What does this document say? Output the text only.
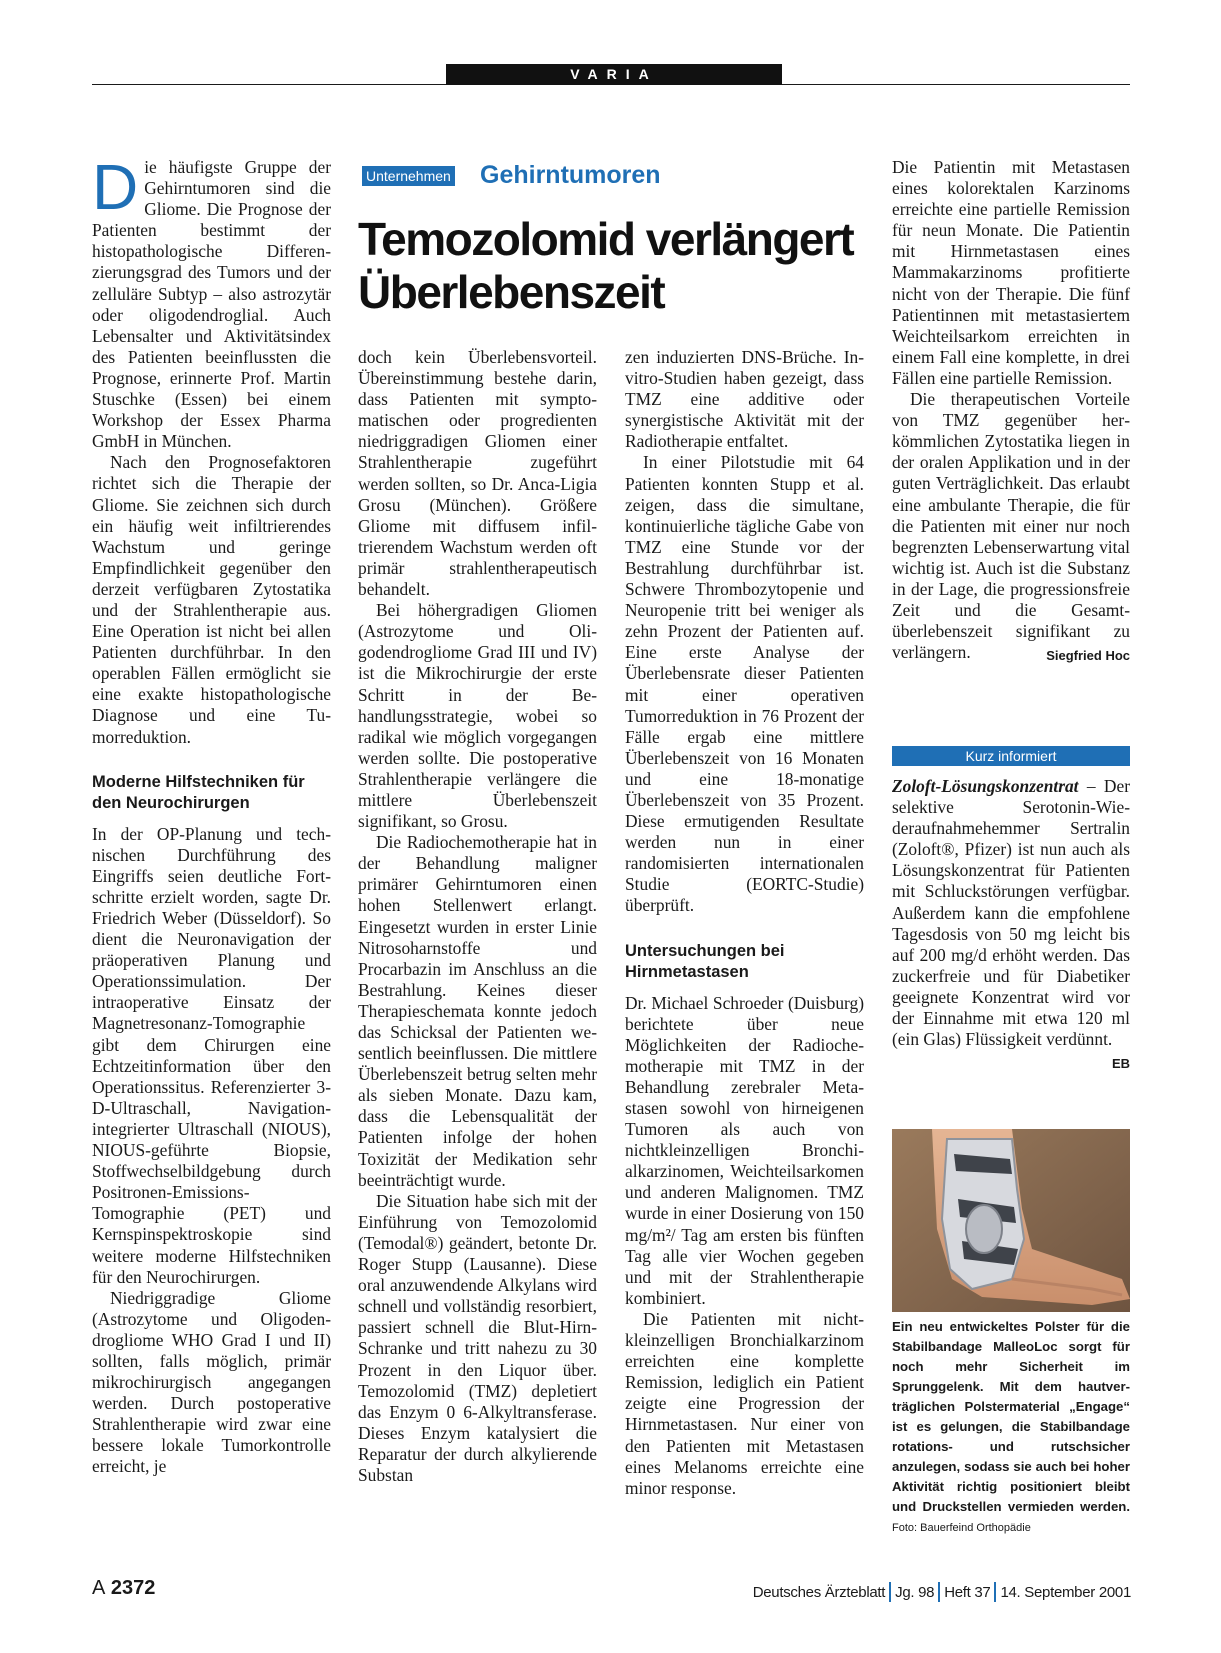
VARIA

Die häufigste Gruppe der Gehirntumoren sind die Gliome. Die Prognose der Patienten bestimmt der histopathologische Differenzierungsgrad des Tumors und der zelluläre Subtyp – also astrozytär oder oligodendroglial. Auch Lebensalter und Aktivitätsindex des Patienten beeinflussten die Prognose, erinnerte Prof. Martin Stuschke (Essen) bei einem Workshop der Essex Pharma GmbH in München.

Nach den Prognosefaktoren richtet sich die Therapie der Gliome. Sie zeichnen sich durch ein häufig weit infiltrierendes Wachstum und geringe Empfindlichkeit gegenüber den derzeit verfügbaren Zytostatika und der Strahlentherapie aus. Eine Operation ist nicht bei allen Patienten durchführbar. In den operablen Fällen ermöglicht sie eine exakte histopathologische Diagnose und eine Tumorreduktion.

Moderne Hilfstechniken für den Neurochirurgen

In der OP-Planung und technischen Durchführung des Eingriffs seien deutliche Fortschritte erzielt worden, sagte Dr. Friedrich Weber (Düsseldorf). So dient die Neuronavigation der präoperativen Planung und Operationssimulation. Der intraoperative Einsatz der Magnetresonanz-Tomographie gibt dem Chirurgen eine Echtzeitinformation über den Operationssitus. Referenzierter 3-D-Ultraschall, Navigation-integrierter Ultraschall (NIOUS), NIOUS-geführte Biopsie, Stoffwechselbildgebung durch Positronen-Emissions-Tomographie (PET) und Kernspinspektroskopie sind weitere moderne Hilfstechniken für den Neurochirurgen.

Niedriggradige Gliome (Astrozytome und Oligodendrogliome WHO Grad I und II) sollten, falls möglich, primär mikrochirurgisch angegangen werden. Durch postoperative Strahlentherapie wird zwar eine bessere lokale Tumorkontrolle erreicht, je

Unternehmen Gehirntumoren
Temozolomid verlängert Überlebenszeit

doch kein Überlebensvorteil. Übereinstimmung bestehe darin, dass Patienten mit symptomatischen oder progredienten niedriggradigen Gliomen einer Strahlentherapie zugeführt werden sollten, so Dr. Anca-Ligia Grosu (München). Größere Gliome mit diffusem infiltrierendem Wachstum werden oft primär strahlentherapeutisch behandelt.

Bei höhergradigen Gliomen (Astrozytome und Oligodendrogliome Grad III und IV) ist die Mikrochirurgie der erste Schritt in der Behandlungsstrategie, wobei so radikal wie möglich vorgegangen werden sollte. Die postoperative Strahlentherapie verlängere die mittlere Überlebenszeit signifikant, so Grosu.

Die Radiochemotherapie hat in der Behandlung maligner primärer Gehirntumoren einen hohen Stellenwert erlangt. Eingesetzt wurden in erster Linie Nitrosoharnstoffe und Procarbazin im Anschluss an die Bestrahlung. Keines dieser Therapieschemata konnte jedoch das Schicksal der Patienten wesentlich beeinflussen. Die mittlere Überlebenszeit betrug selten mehr als sieben Monate. Dazu kam, dass die Lebensqualität der Patienten infolge der hohen Toxizität der Medikation sehr beeinträchtigt wurde.

Die Situation habe sich mit der Einführung von Temozolomid (Temodal®) geändert, betonte Dr. Roger Stupp (Lausanne). Diese oral anzuwendende Alkylans wird schnell und vollständig resorbiert, passiert schnell die Blut-Hirn-Schranke und tritt nahezu zu 30 Prozent in den Liquor über. Temozolomid (TMZ) depletiert das Enzym 0 6-Alkyltransferase. Dieses Enzym katalysiert die Reparatur der durch alkylierende Substan

zen induzierten DNS-Brüche. In-vitro-Studien haben gezeigt, dass TMZ eine additive oder synergistische Aktivität mit der Radiotherapie entfaltet.

In einer Pilotstudie mit 64 Patienten konnten Stupp et al. zeigen, dass die simultane, kontinuierliche tägliche Gabe von TMZ eine Stunde vor der Bestrahlung durchführbar ist. Schwere Thrombozytopenie und Neuropenie tritt bei weniger als zehn Prozent der Patienten auf. Eine erste Analyse der Überlebensrate dieser Patienten mit einer operativen Tumorreduktion in 76 Prozent der Fälle ergab eine mittlere Überlebenszeit von 16 Monaten und eine 18-monatige Überlebenszeit von 35 Prozent. Diese ermutigenden Resultate werden nun in einer randomisierten internationalen Studie (EORTC-Studie) überprüft.

Untersuchungen bei Hirnmetastasen

Dr. Michael Schroeder (Duisburg) berichtete über neue Möglichkeiten der Radiochemotherapie mit TMZ in der Behandlung zerebraler Metastasen sowohl von hirneigenen Tumoren als auch von nichtkleinzelligen Bronchialkarzinomen, Weichteilsarkomen und anderen Malignomen. TMZ wurde in einer Dosierung von 150 mg/m²/ Tag am ersten bis fünften Tag alle vier Wochen gegeben und mit der Strahlentherapie kombiniert.

Die Patienten mit nichtkleinzelligen Bronchialkarzinom erreichten eine komplette Remission, lediglich ein Patient zeigte eine Progression der Hirnmetastasen. Nur einer von den Patienten mit Metastasen eines Melanoms erreichte eine minor response.

Die Patientin mit Metastasen eines kolorektalen Karzinoms erreichte eine partielle Remission für neun Monate. Die Patientin mit Hirnmetastasen eines Mammakarzinoms profitierte nicht von der Therapie. Die fünf Patientinnen mit metastasiertem Weichteilsarkom erreichten in einem Fall eine komplette, in drei Fällen eine partielle Remission.

Die therapeutischen Vorteile von TMZ gegenüber herkömmlichen Zytostatika liegen in der oralen Applikation und in der guten Verträglichkeit. Das erlaubt eine ambulante Therapie, die für die Patienten mit einer nur noch begrenzten Lebenserwartung vital wichtig ist. Auch ist die Substanz in der Lage, die progressionsfreie Zeit und die Gesamtüberlebenszeit signifikant zu verlängern.	Siegfried Hoc

Kurz informiert

Zoloft-Lösungskonzentrat – Der selektive Serotonin-Wiederaufnahmehemmer Sertralin (Zoloft®, Pfizer) ist nun auch als Lösungskonzentrat für Patienten mit Schluckstörungen verfügbar. Außerdem kann die empfohlene Tagesdosis von 50 mg leicht bis auf 200 mg/d erhöht werden. Das zuckerfreie und für Diabetiker geeignete Konzentrat wird vor der Einnahme mit etwa 120 ml (ein Glas) Flüssigkeit verdünnt.
EB

Ein neu entwickeltes Polster für die Stabilbandage MalleoLoc sorgt für noch mehr Sicherheit im Sprunggelenk. Mit dem hautverträglichen Polstermaterial „Engage“ ist es gelungen, die Stabilbandage rotations- und rutschsicher anzulegen, sodass sie auch bei hoher Aktivität richtig positioniert bleibt und Druckstellen vermieden werden. Foto: Bauerfeind Orthopädie
A 2372	Deutsches Ärzteblatt Jg. 98 Heft 37 14. September 2001
